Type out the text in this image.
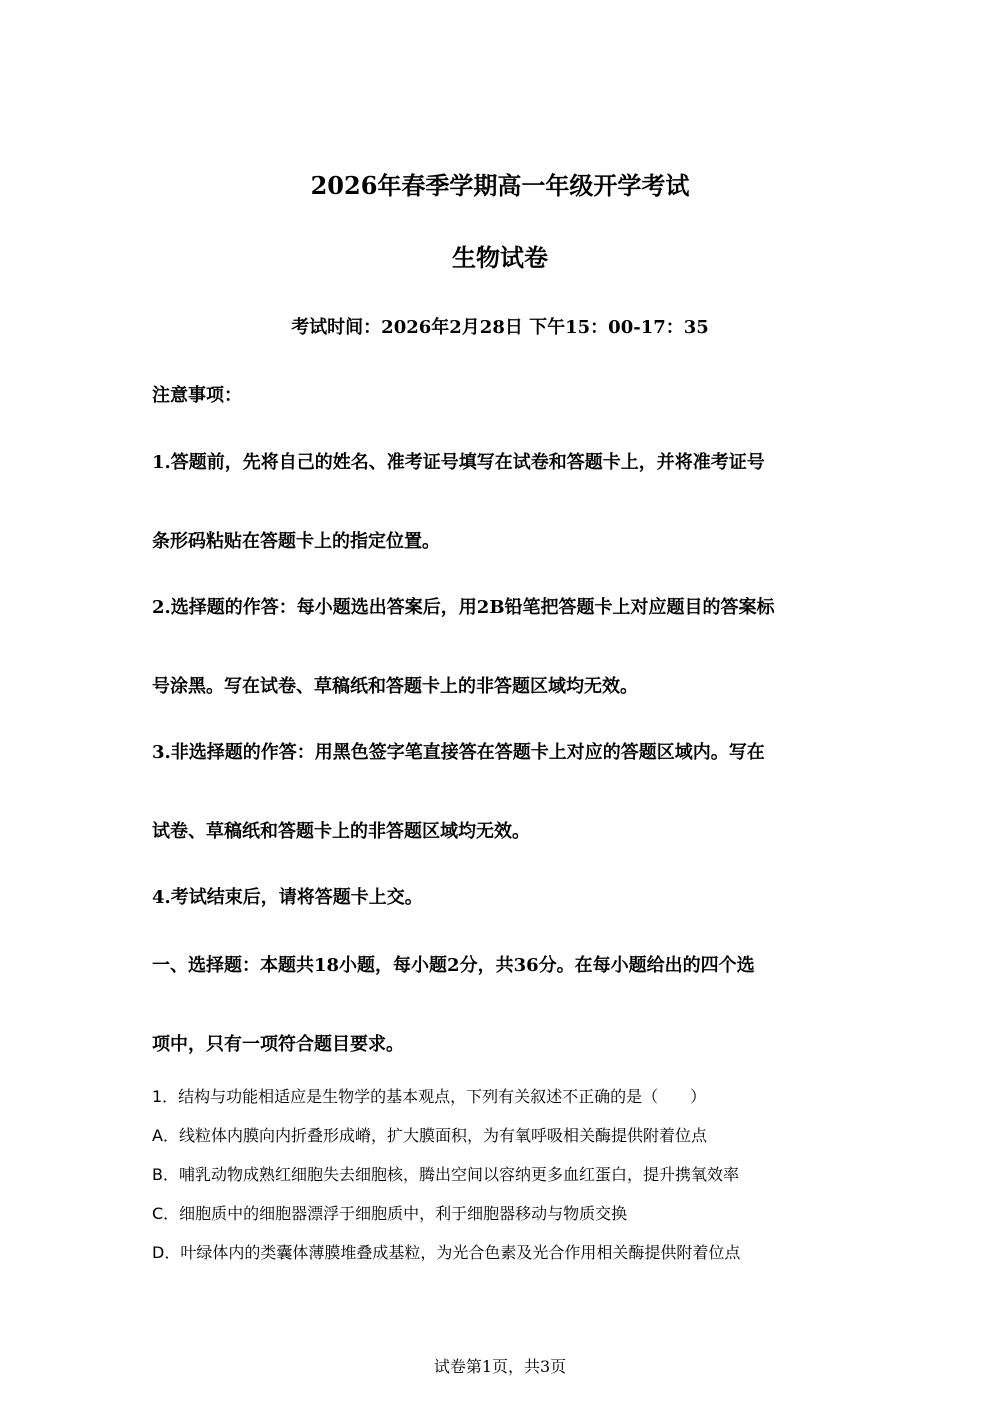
2026年春季学期高一年级开学考试
生物试卷
考试时间：2026年2月28日 下午15：00-17：35
注意事项：
1.答题前，先将自己的姓名、准考证号填写在试卷和答题卡上，并将准考证号
条形码粘贴在答题卡上的指定位置。
2.选择题的作答：每小题选出答案后，用2B铅笔把答题卡上对应题目的答案标
号涂黑。写在试卷、草稿纸和答题卡上的非答题区域均无效。
3.非选择题的作答：用黑色签字笔直接答在答题卡上对应的答题区域内。写在
试卷、草稿纸和答题卡上的非答题区域均无效。
4.考试结束后，请将答题卡上交。
一、选择题：本题共18小题，每小题2分，共36分。在每小题给出的四个选
项中，只有一项符合题目要求。
1．结构与功能相适应是生物学的基本观点，下列有关叙述不正确的是（　　）
A．线粒体内膜向内折叠形成嵴，扩大膜面积，为有氧呼吸相关酶提供附着位点
B．哺乳动物成熟红细胞失去细胞核，腾出空间以容纳更多血红蛋白，提升携氧效率
C．细胞质中的细胞器漂浮于细胞质中，利于细胞器移动与物质交换
D．叶绿体内的类囊体薄膜堆叠成基粒，为光合色素及光合作用相关酶提供附着位点
试卷第1页，共3页
